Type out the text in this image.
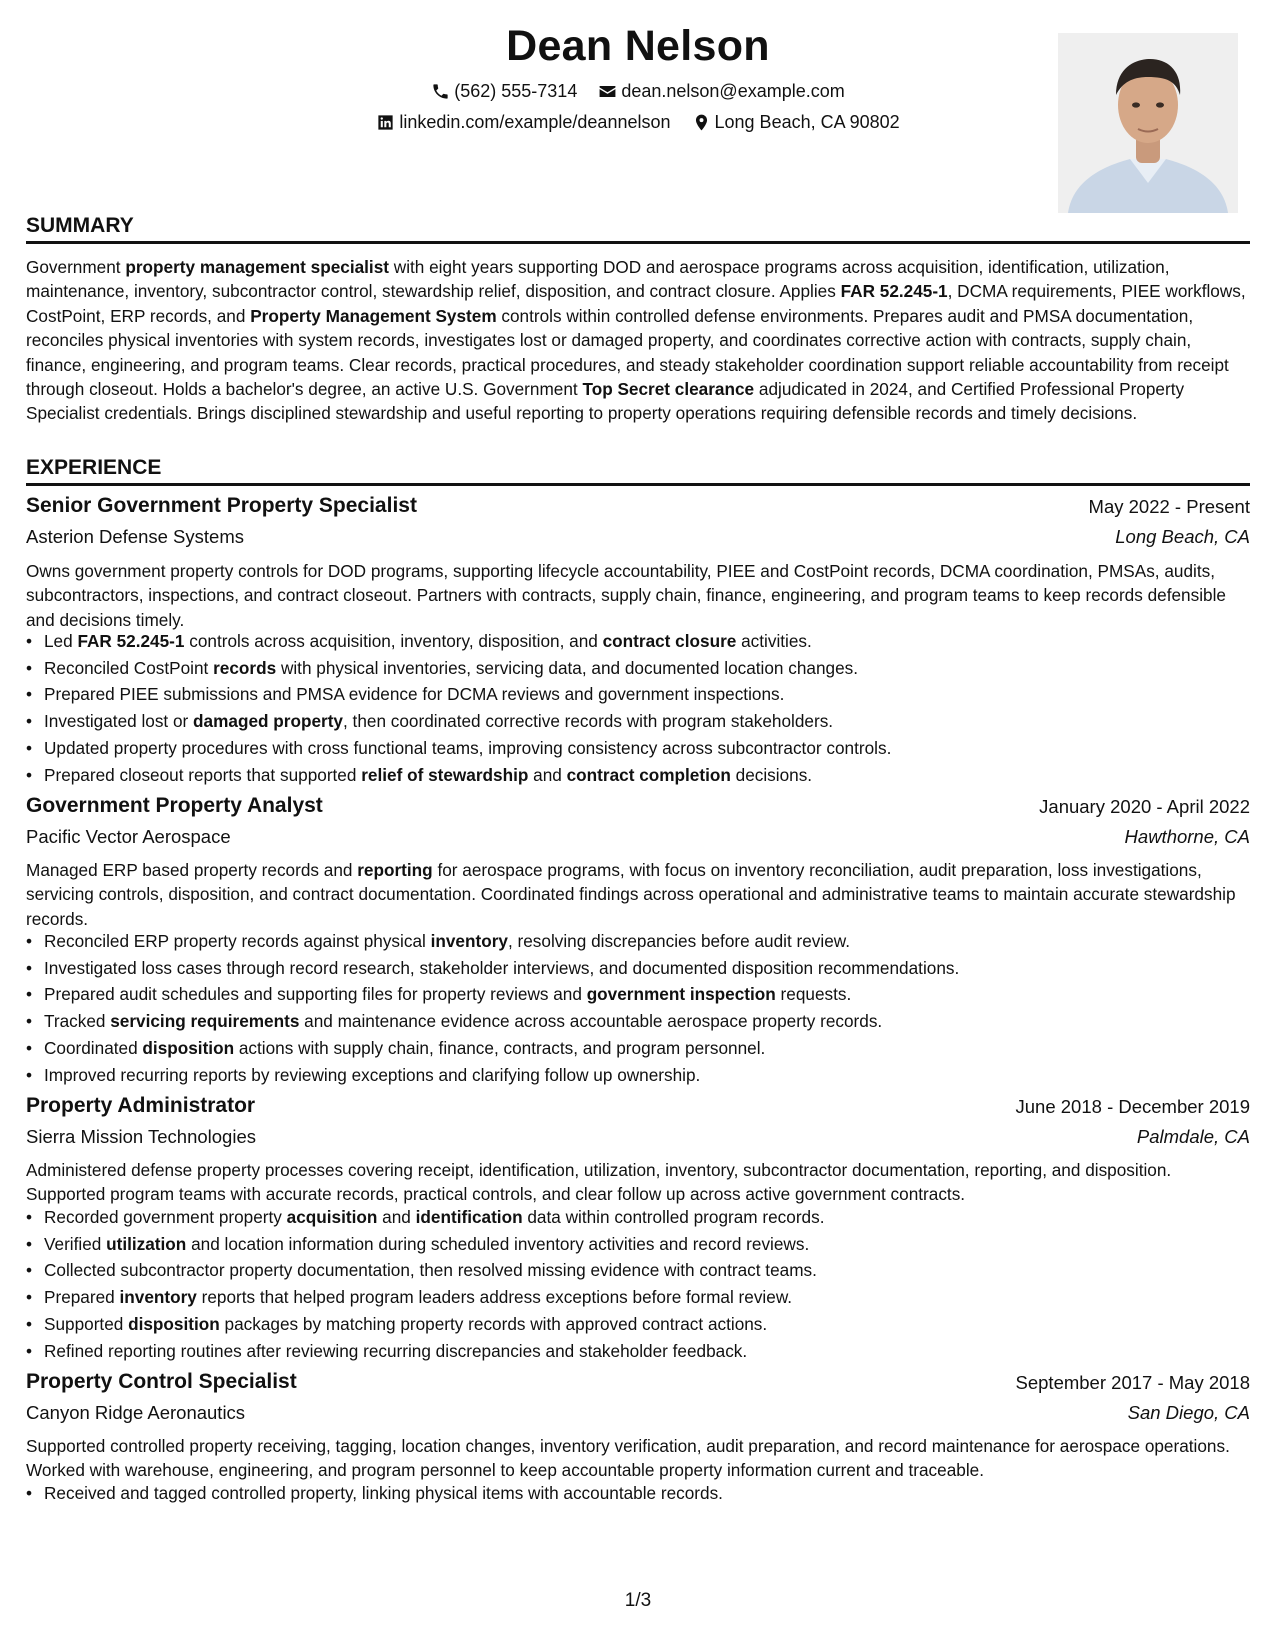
Dean Nelson
(562) 555-7314
dean.nelson@example.com
linkedin.com/example/deannelson
Long Beach, CA 90802
SUMMARY

Government property management specialist with eight years supporting DOD and aerospace programs across acquisition, identification, utilization, maintenance, inventory, subcontractor control, stewardship relief, disposition, and contract closure. Applies FAR 52.245-1, DCMA requirements, PIEE workflows, CostPoint, ERP records, and Property Management System controls within controlled defense environments. Prepares audit and PMSA documentation, reconciles physical inventories with system records, investigates lost or damaged property, and coordinates corrective action with contracts, supply chain, finance, engineering, and program teams. Clear records, practical procedures, and steady stakeholder coordination support reliable accountability from receipt through closeout. Holds a bachelor's degree, an active U.S. Government Top Secret clearance adjudicated in 2024, and Certified Professional Property Specialist credentials. Brings disciplined stewardship and useful reporting to property operations requiring defensible records and timely decisions.

EXPERIENCE
Senior Government Property Specialist	May 2022 - Present
Asterion Defense Systems	Long Beach, CA

Owns government property controls for DOD programs, supporting lifecycle accountability, PIEE and CostPoint records, DCMA coordination, PMSAs, audits, subcontractors, inspections, and contract closeout. Partners with contracts, supply chain, finance, engineering, and program teams to keep records defensible and decisions timely.

• Led FAR 52.245-1 controls across acquisition, inventory, disposition, and contract closure activities.
• Reconciled CostPoint records with physical inventories, servicing data, and documented location changes.
• Prepared PIEE submissions and PMSA evidence for DCMA reviews and government inspections.
• Investigated lost or damaged property, then coordinated corrective records with program stakeholders.
• Updated property procedures with cross functional teams, improving consistency across subcontractor controls.
• Prepared closeout reports that supported relief of stewardship and contract completion decisions.
Government Property Analyst	January 2020 - April 2022
Pacific Vector Aerospace	Hawthorne, CA

Managed ERP based property records and reporting for aerospace programs, with focus on inventory reconciliation, audit preparation, loss investigations, servicing controls, disposition, and contract documentation. Coordinated findings across operational and administrative teams to maintain accurate stewardship records.

• Reconciled ERP property records against physical inventory, resolving discrepancies before audit review.
• Investigated loss cases through record research, stakeholder interviews, and documented disposition recommendations.
• Prepared audit schedules and supporting files for property reviews and government inspection requests.
• Tracked servicing requirements and maintenance evidence across accountable aerospace property records.
• Coordinated disposition actions with supply chain, finance, contracts, and program personnel.
• Improved recurring reports by reviewing exceptions and clarifying follow up ownership.
Property Administrator	June 2018 - December 2019
Sierra Mission Technologies	Palmdale, CA

Administered defense property processes covering receipt, identification, utilization, inventory, subcontractor documentation, reporting, and disposition. Supported program teams with accurate records, practical controls, and clear follow up across active government contracts.

• Recorded government property acquisition and identification data within controlled program records.
• Verified utilization and location information during scheduled inventory activities and record reviews.
• Collected subcontractor property documentation, then resolved missing evidence with contract teams.
• Prepared inventory reports that helped program leaders address exceptions before formal review.
• Supported disposition packages by matching property records with approved contract actions.
• Refined reporting routines after reviewing recurring discrepancies and stakeholder feedback.
Property Control Specialist	September 2017 - May 2018
Canyon Ridge Aeronautics	San Diego, CA

Supported controlled property receiving, tagging, location changes, inventory verification, audit preparation, and record maintenance for aerospace operations. Worked with warehouse, engineering, and program personnel to keep accountable property information current and traceable.

• Received and tagged controlled property, linking physical items with accountable records.
1/3
